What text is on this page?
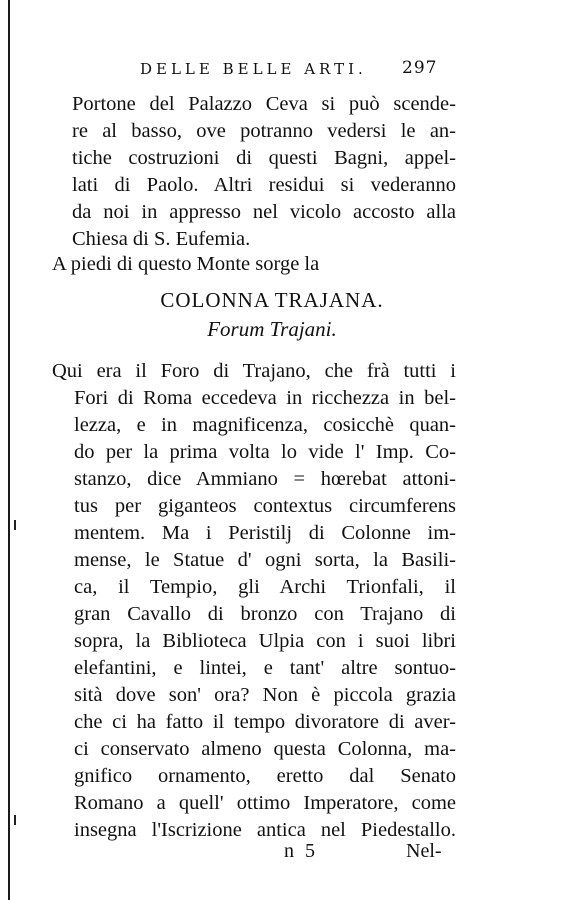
DELLE BELLE ARTI. 297
Portone del Palazzo Ceva si può scende-
re al basso, ove potranno vedersi le an-
tiche costruzioni di questi Bagni, appel-
lati di Paolo. Altri residui si vederanno
da noi in appresso nel vicolo accosto alla
Chiesa di S. Eufemia.
A piedi di questo Monte sorge la
COLONNA TRAJANA.
Forum Trajani.
Qui era il Foro di Trajano, che frà tutti i
Fori di Roma eccedeva in ricchezza in bel-
lezza, e in magnificenza, cosicchè quan-
do per la prima volta lo vide l' Imp. Co-
stanzo, dice Ammiano = hœrebat attoni-
tus per giganteos contextus circumferens
mentem. Ma i Peristilj di Colonne im-
mense, le Statue d' ogni sorta, la Basili-
ca, il Tempio, gli Archi Trionfali, il
gran Cavallo di bronzo con Trajano di
sopra, la Biblioteca Ulpia con i suoi libri
elefantini, e lintei, e tant' altre sontuo-
sità dove son' ora? Non è piccola grazia
che ci ha fatto il tempo divoratore di aver-
ci conservato almeno questa Colonna, ma-
gnifico ornamento, eretto dal Senato
Romano a quell' ottimo Imperatore, come
insegna l'Iscrizione antica nel Piedestallo.
n 5	Nel-
